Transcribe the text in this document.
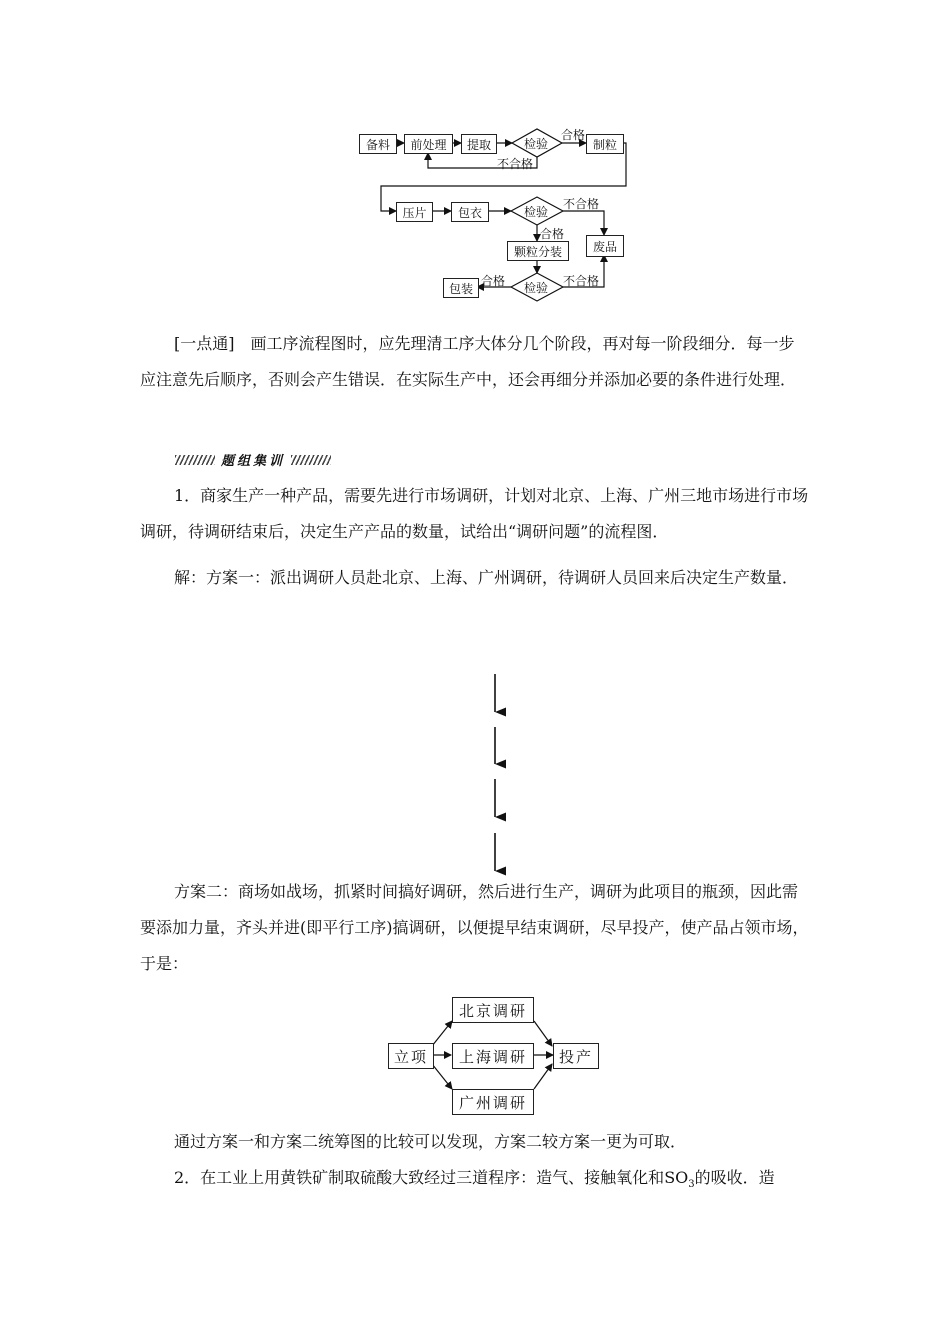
备料	前处理	提取	检验
合格
不合格
制粒
压片	包衣	检验
不合格
合格
颗粒分装	废品
包装
合格 检验 不合格

[一点通]　画工序流程图时，应先理清工序大体分几个阶段，再对每一阶段细分．每一步应注意先后顺序，否则会产生错误．在实际生产中，还会再细分并添加必要的条件进行处理．

题组集训

1．商家生产一种产品，需要先进行市场调研，计划对北京、上海、广州三地市场进行市场调研，待调研结束后，决定生产产品的数量，试给出“调研问题”的流程图．

解：方案一：派出调研人员赴北京、上海、广州调研，待调研人员回来后决定生产数量．

方案二：商场如战场，抓紧时间搞好调研，然后进行生产，调研为此项目的瓶颈，因此需要添加力量，齐头并进(即平行工序)搞调研，以便提早结束调研，尽早投产，使产品占领市场，于是：

立项
北京调研
上海调研
广州调研
投产

通过方案一和方案二统筹图的比较可以发现，方案二较方案一更为可取．

2．在工业上用黄铁矿制取硫酸大致经过三道程序：造气、接触氧化和$SO_3$的吸收．造
